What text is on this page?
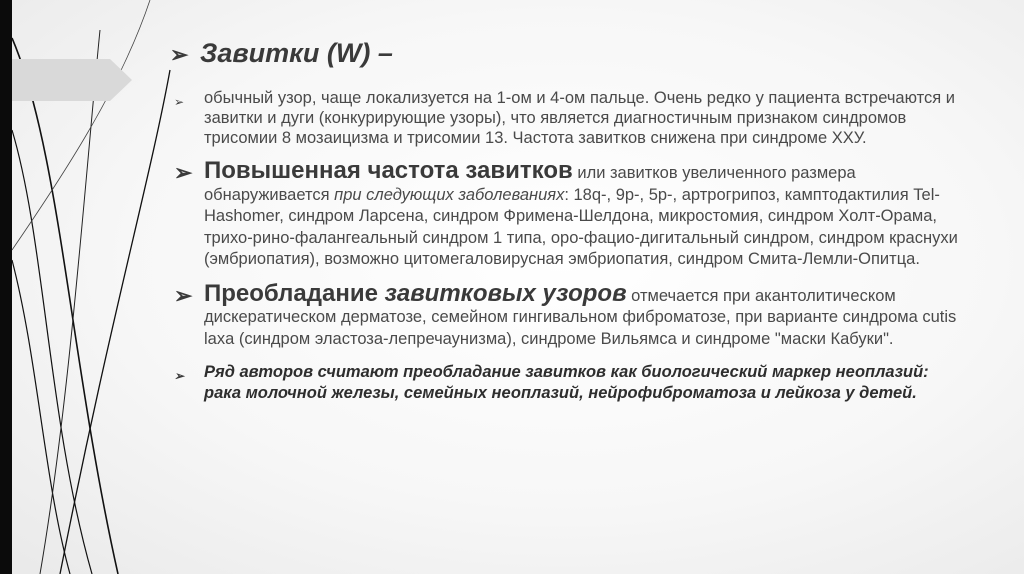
➢ Завитки (W) –
➢ обычный узор, чаще локализуется на 1-ом и 4-ом пальце. Очень редко у пациента встречаются и завитки и дуги (конкурирующие узоры), что является диагностичным признаком синдромов трисомии 8 мозаицизма и трисомии 13. Частота завитков снижена при синдроме ХХУ.
➢ Повышенная частота завитков или завитков увеличенного размера обнаруживается при следующих заболеваниях: 18q-, 9p-, 5p-, артрогрипоз, камптодактилия Tel-Hashomer, синдром Ларсена, синдром Фримена-Шелдона, микростомия, синдром Холт-Орама, трихо-рино-фалангеальный синдром 1 типа, оро-фацио-дигитальный синдром, синдром краснухи (эмбриопатия), возможно цитомегаловирусная эмбриопатия, синдром Смита-Лемли-Опитца.
➢ Преобладание завитковых узоров отмечается при акантолитическом дискератическом дерматозе, семейном гингивальном фиброматозе, при варианте синдрома cutis laxa (синдром эластоза-лепречаунизма), синдроме Вильямса и синдроме "маски Кабуки".
➢ Ряд авторов считают преобладание завитков как биологический маркер неоплазий: рака молочной железы, семейных неоплазий, нейрофиброматоза и лейкоза у детей.
